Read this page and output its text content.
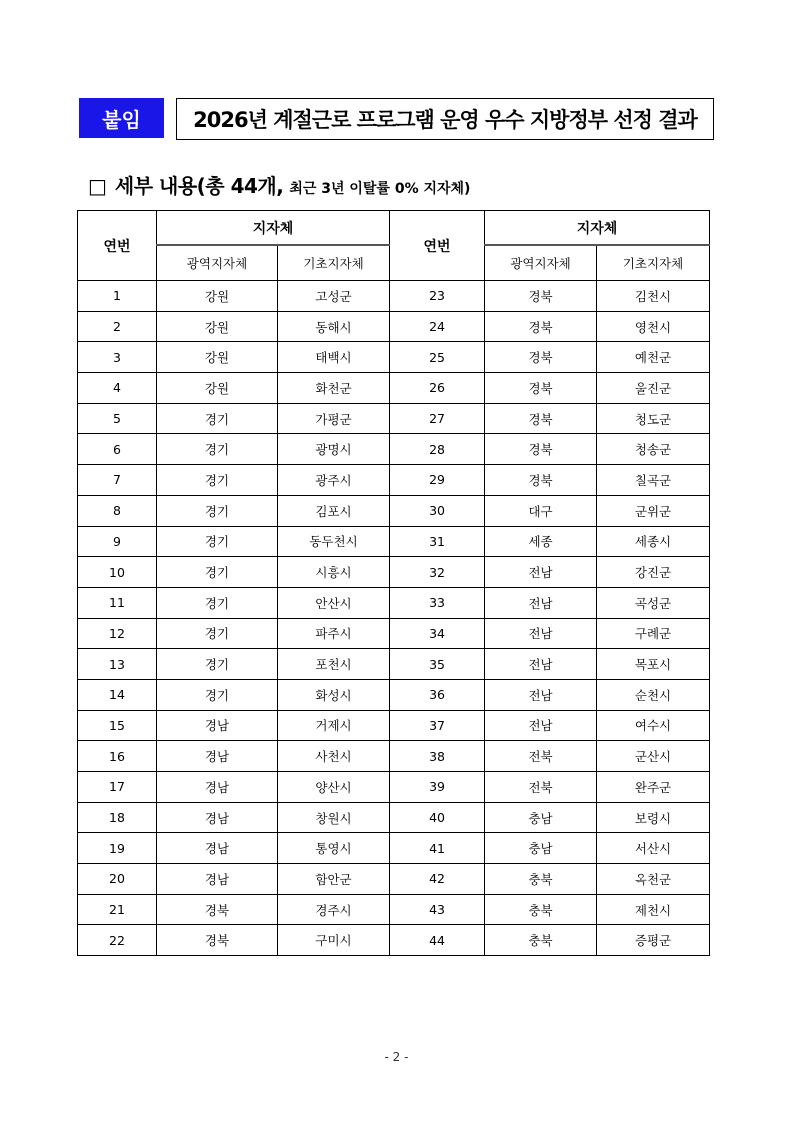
붙임 2026년 계절근로 프로그램 운영 우수 지방정부 선정 결과
□ 세부 내용(총 44개, 최근 3년 이탈률 0% 지자체)
연번	지자체		연번	지자체	
	광역지자체	기초지자체		광역지자체	기초지자체
1	강원	고성군	23	경북	김천시
2	강원	동해시	24	경북	영천시
3	강원	태백시	25	경북	예천군
4	강원	화천군	26	경북	울진군
5	경기	가평군	27	경북	청도군
6	경기	광명시	28	경북	청송군
7	경기	광주시	29	경북	칠곡군
8	경기	김포시	30	대구	군위군
9	경기	동두천시	31	세종	세종시
10	경기	시흥시	32	전남	강진군
11	경기	안산시	33	전남	곡성군
12	경기	파주시	34	전남	구례군
13	경기	포천시	35	전남	목포시
14	경기	화성시	36	전남	순천시
15	경남	거제시	37	전남	여수시
16	경남	사천시	38	전북	군산시
17	경남	양산시	39	전북	완주군
18	경남	창원시	40	충남	보령시
19	경남	통영시	41	충남	서산시
20	경남	함안군	42	충북	옥천군
21	경북	경주시	43	충북	제천시
22	경북	구미시	44	충북	증평군
- 2 -
